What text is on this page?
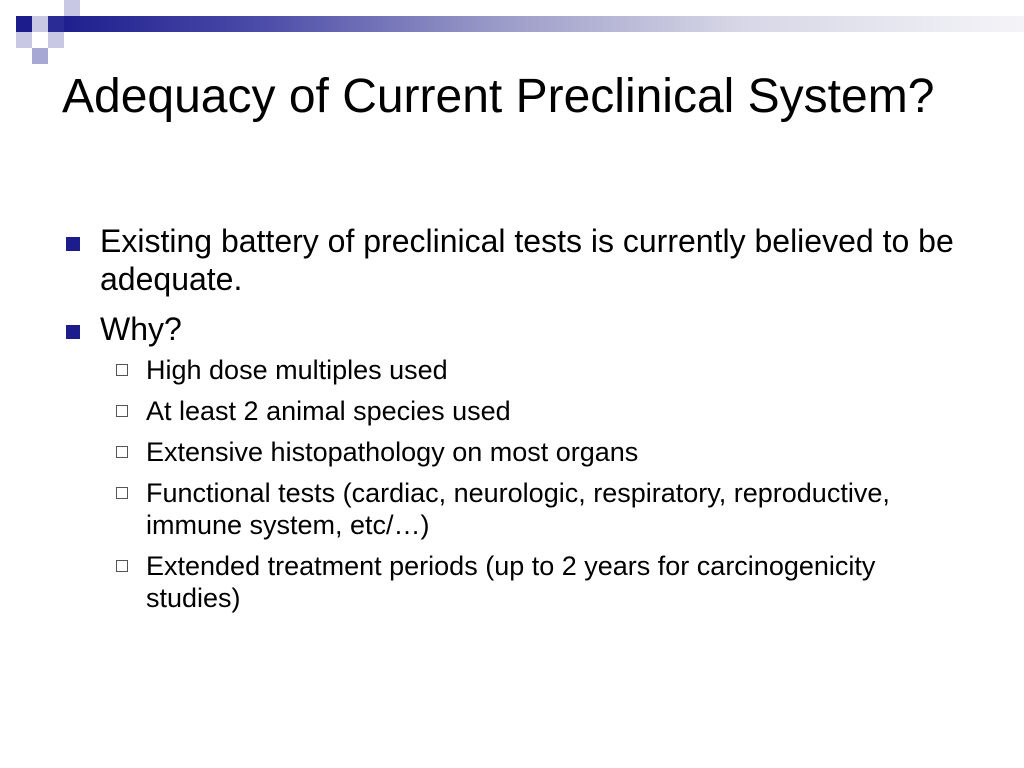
Adequacy of Current Preclinical System?
Existing battery of preclinical tests is currently believed to be adequate.
Why?
High dose multiples used
At least 2 animal species used
Extensive histopathology on most organs
Functional tests (cardiac, neurologic, respiratory, reproductive, immune system, etc/…)
Extended treatment periods (up to 2 years for carcinogenicity studies)
